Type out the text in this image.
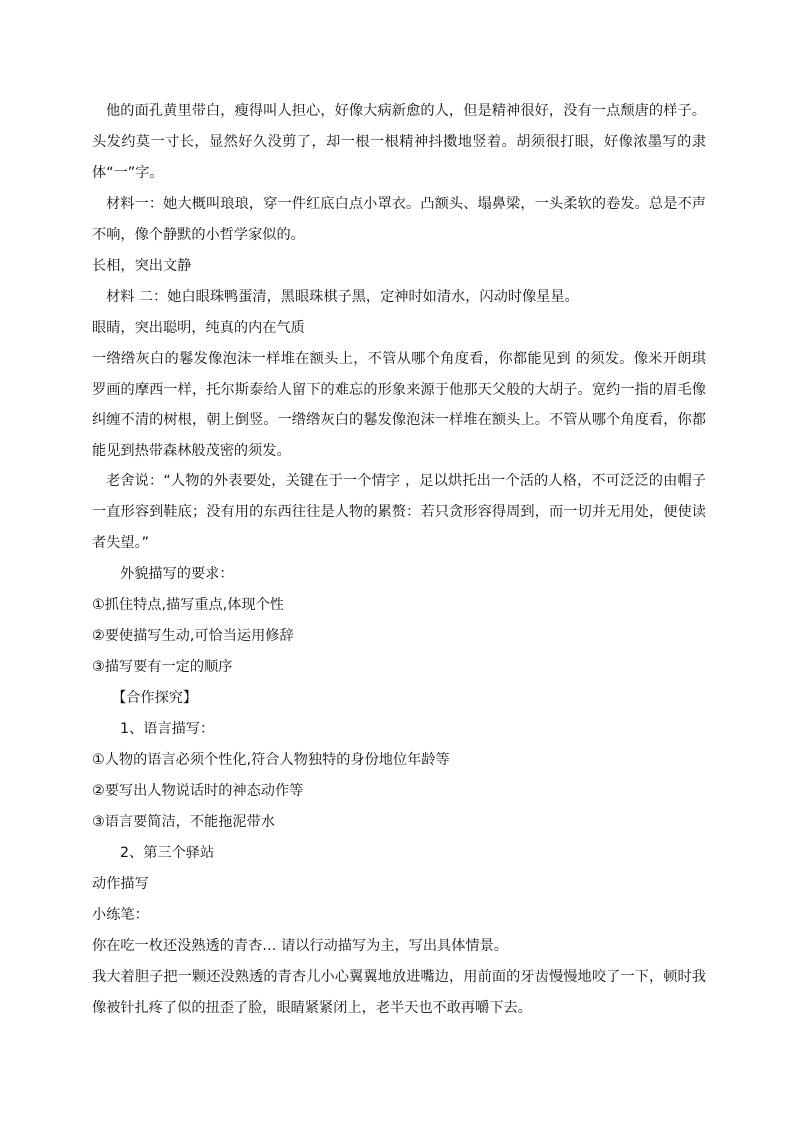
他的面孔黄里带白，瘦得叫人担心，好像大病新愈的人，但是精神很好，没有一点颓唐的样子。头发约莫一寸长，显然好久没剪了，却一根一根精神抖擞地竖着。胡须很打眼，好像浓墨写的隶体“一”字。

材料一：她大概叫琅琅，穿一件红底白点小罩衣。凸额头、塌鼻梁，一头柔软的卷发。总是不声不响，像个静默的小哲学家似的。

长相，突出文静

材料 二：她白眼珠鸭蛋清，黑眼珠棋子黑，定神时如清水，闪动时像星星。

眼睛，突出聪明，纯真的内在气质

一绺绺灰白的鬈发像泡沫一样堆在额头上，不管从哪个角度看，你都能见到 的须发。像米开朗琪罗画的摩西一样，托尔斯泰给人留下的难忘的形象来源于他那天父般的大胡子。宽约一指的眉毛像纠缠不清的树根，朝上倒竖。一绺绺灰白的鬈发像泡沫一样堆在额头上。不管从哪个角度看，你都能见到热带森林般茂密的须发。

老舍说：“人物的外表要处，关键在于一个情字 ，足以烘托出一个活的人格，不可泛泛的由帽子一直形容到鞋底；没有用的东西往往是人物的累赘：若只贪形容得周到，而一切并无用处，便使读者失望。”

外貌描写的要求：

①抓住特点,描写重点,体现个性

②要使描写生动,可恰当运用修辞

③描写要有一定的顺序

【合作探究】

1、语言描写：

①人物的语言必须个性化,符合人物独特的身份地位年龄等

②要写出人物说话时的神态动作等

③语言要简洁，不能拖泥带水

2、第三个驿站

动作描写

小练笔：

你在吃一枚还没熟透的青杏… 请以行动描写为主，写出具体情景。

我大着胆子把一颗还没熟透的青杏儿小心翼翼地放进嘴边，用前面的牙齿慢慢地咬了一下，顿时我像被针扎疼了似的扭歪了脸，眼睛紧紧闭上，老半天也不敢再嚼下去。
